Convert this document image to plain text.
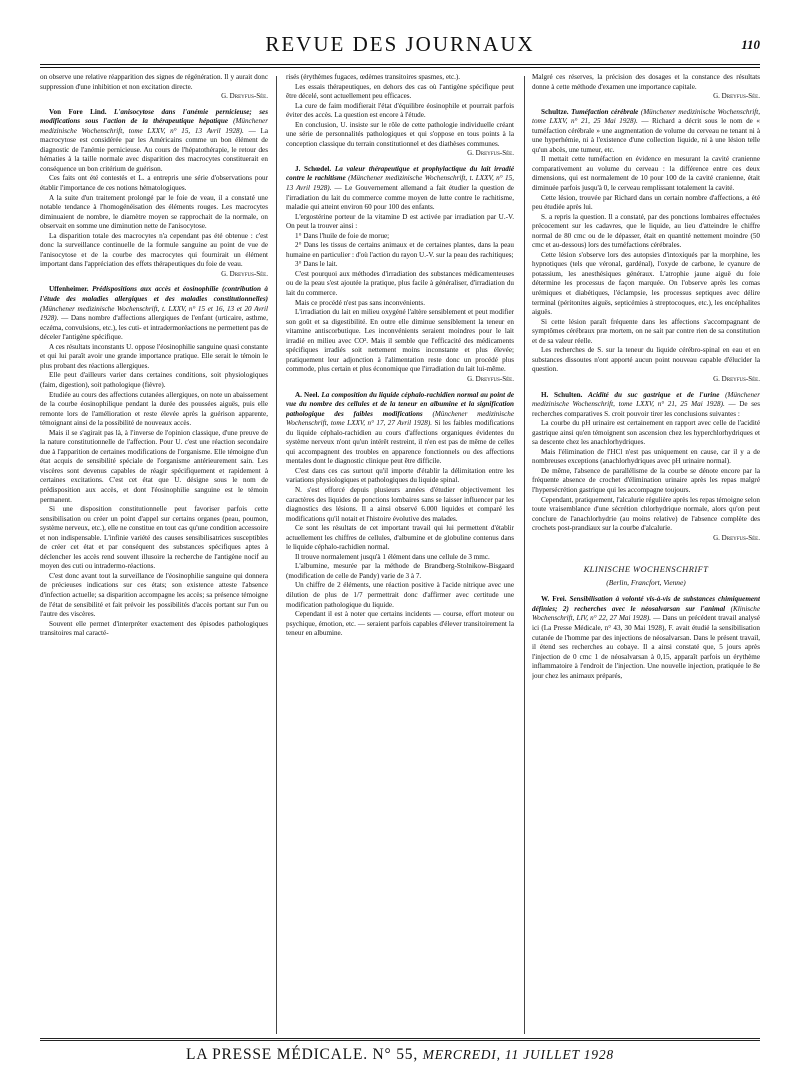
REVUE DES JOURNAUX	110

on observe une relative réapparition des signes de régénération. Il y aurait donc suppression d'une inhibition et non excitation directe.

G. Dreyfus-Sée.

Von Fore Lind. L'anisocytose dans l'anémie pernicieuse; ses modifications sous l'action de la thérapeutique hépatique (Münchener medizinische Wochenschrift, tome LXXV, n° 15, 13 Avril 1928). — La macrocytose est considérée par les Américains comme un bon élément de diagnostic de l'anémie pernicieuse. Au cours de l'hépatothérapie, le retour des hématies à la taille normale avec disparition des macrocytes constituerait en conséquence un bon critérium de guérison.

Ces faits ont été contestés et L. a entrepris une série d'observations pour établir l'importance de ces notions hématologiques.

A la suite d'un traitement prolongé par le foie de veau, il a constaté une notable tendance à l'homogénéisation des éléments rouges. Les macrocytes diminuaient de nombre, le diamètre moyen se rapprochait de la normale, on observait en somme une diminution nette de l'anisocytose.

La disparition totale des macrocytes n'a cependant pas été obtenue : c'est donc la surveillance continuelle de la formule sanguine au point de vue de l'anisocytose et de la courbe des macrocytes qui fournirait un élément important dans l'appréciation des effets thérapeutiques du foie de veau.

G. Dreyfus-Sée.

Uffenheimer. Prédispositions aux accès et éosinophilie (contribution à l'étude des maladies allergiques et des maladies constitutionnelles) (Münchener medizinische Wochenschrift, t. LXXV, n° 15 et 16, 13 et 20 Avril 1928). — Dans nombre d'affections allergiques de l'enfant (urticaire, asthme, eczéma, convulsions, etc.), les cuti- et intradermoréactions ne permettent pas de déceler l'antigène spécifique.

A ces résultats inconstants U. oppose l'éosinophilie sanguine quasi constante et qui lui paraît avoir une grande importance pratique. Elle serait le témoin le plus probant des réactions allergiques.

Elle peut d'ailleurs varier dans certaines conditions, soit physiologiques (faim, digestion), soit pathologique (fièvre).

Etudiée au cours des affections cutanées allergiques, on note un abaissement de la courbe éosinophilique pendant la durée des poussées aiguës, puis elle remonte lors de l'amélioration et reste élevée après la guérison apparente, témoignant ainsi de la possibilité de nouveaux accès.

Mais il se s'agirait pas là, à l'inverse de l'opinion classique, d'une preuve de la nature constitutionnelle de l'affection. Pour U. c'est une réaction secondaire due à l'apparition de certaines modifications de l'organisme. Elle témoigne d'un état acquis de sensibilité spéciale de l'organisme antérieurement sain. Les viscères sont devenus capables de réagir spécifiquement et rapidement à certaines excitations. C'est cet état que U. désigne sous le nom de prédisposition aux accès, et dont l'éosinophilie sanguine est le témoin permanent.

Si une disposition constitutionnelle peut favoriser parfois cette sensibilisation ou créer un point d'appel sur certains organes (peau, poumon, système nerveux, etc.), elle ne constitue en tout cas qu'une condition accessoire et non indispensable. L'infinie variété des causes sensibilisatrices susceptibles de créer cet état et par conséquent des substances spécifiques aptes à déclencher les accès rend souvent illusoire la recherche de l'antigène nocif au moyen des cuti ou intradermo-réactions.

C'est donc avant tout la surveillance de l'éosinophilie sanguine qui donnera de précieuses indications sur ces états; son existence atteste l'absence d'infection actuelle; sa disparition accompagne les accès; sa présence témoigne de l'état de sensibilité et fait prévoir les possibilités d'accès portant sur l'un ou l'autre des viscères.

Souvent elle permet d'interpréter exactement des épisodes pathologiques transitoires mal caracté-

risés (érythèmes fugaces, œdèmes transitoires spasmes, etc.).

Les essais thérapeutiques, en dehors des cas où l'antigène spécifique peut être décelé, sont actuellement peu efficaces.

La cure de faim modifierait l'état d'équilibre éosinophile et pourrait parfois éviter des accès. La question est encore à l'étude.

En conclusion, U. insiste sur le rôle de cette pathologie individuelle créant une série de personnalités pathologiques et qui s'oppose en tous points à la conception classique du terrain constitutionnel et des diathèses communes.

G. Dreyfus-Sée.

J. Schœdel. La valeur thérapeutique et prophylactique du lait irradié contre le rachitisme (Münchener medizinische Wochenschrift, t. LXXV, n° 15, 13 Avril 1928). — Le Gouvernement allemand a fait étudier la question de l'irradiation du lait du commerce comme moyen de lutte contre le rachitisme, maladie qui atteint environ 60 pour 100 des enfants.

L'ergostérine porteur de la vitamine D est activée par irradiation par U.-V. On peut la trouver ainsi :

1° Dans l'huile de foie de morue;

2° Dans les tissus de certains animaux et de certaines plantes, dans la peau humaine en particulier : d'où l'action du rayon U.-V. sur la peau des rachitiques;

3° Dans le lait.

C'est pourquoi aux méthodes d'irradiation des substances médicamenteuses ou de la peau s'est ajoutée la pratique, plus facile à généraliser, d'irradiation du lait du commerce.

Mais ce procédé n'est pas sans inconvénients.

L'irradiation du lait en milieu oxygéné l'altère sensiblement et peut modifier son goût et sa digestibilité. En outre elle diminue sensiblement la teneur en vitamine antiscorbutique. Les inconvénients seraient moindres pour le lait irradié en milieu avec CO². Mais il semble que l'efficacité des médicaments spécifiques irradiés soit nettement moins inconstante et plus élevée; pratiquement leur adjonction à l'alimentation reste donc un procédé plus commode, plus certain et plus économique que l'irradiation du lait lui-même.

G. Dreyfus-Sée.

A. Neel. La composition du liquide céphalo-rachidien normal au point de vue du nombre des cellules et de la teneur en albumine et la signification pathologique des faibles modifications (Münchener medizinische Wochenschrift, tome LXXV, n° 17, 27 Avril 1928). Si les faibles modifications du liquide céphalo-rachidien au cours d'affections organiques évidentes du système nerveux n'ont qu'un intérêt restreint, il n'en est pas de même de celles qui accompagnent des troubles en apparence fonctionnels ou des affections mentales dont le diagnostic clinique peut être difficile.

C'est dans ces cas surtout qu'il importe d'établir la délimitation entre les variations physiologiques et pathologiques du liquide spinal.

N. s'est efforcé depuis plusieurs années d'étudier objectivement les caractères des liquides de ponctions lombaires sans se laisser influencer par les diagnostics des lésions. Il a ainsi observé 6.000 liquides et comparé les modifications qu'il notait et l'histoire évolutive des malades.

Ce sont les résultats de cet important travail qui lui permettent d'établir actuellement les chiffres de cellules, d'albumine et de globuline contenus dans le liquide céphalo-rachidien normal.

Il trouve normalement jusqu'à 1 élément dans une cellule de 3 mmc.

L'albumine, mesurée par la méthode de Brandberg-Stolnikow-Bisgaard (modification de celle de Pandy) varie de 3 à 7.

Un chiffre de 2 éléments, une réaction positive à l'acide nitrique avec une dilution de plus de 1/7 permettrait donc d'affirmer avec certitude une modification pathologique du liquide.

Cependant il est à noter que certains incidents — course, effort moteur ou psychique, émotion, etc. — seraient parfois capables d'élever transitoirement la teneur en albumine.

Malgré ces réserves, la précision des dosages et la constance des résultats donne à cette méthode d'examen une importance capitale.

G. Dreyfus-Sée.

Schultze. Tuméfaction cérébrale (Münchener medizinische Wochenschrift, tome LXXV, n° 21, 25 Mai 1928). — Richard a décrit sous le nom de « tuméfaction cérébrale » une augmentation de volume du cerveau ne tenant ni à une hyperhémie, ni à l'existence d'une collection liquide, ni à une lésion telle qu'un abcès, une tumeur, etc.

Il mettait cette tuméfaction en évidence en mesurant la cavité cranienne comparativement au volume du cerveau : la différence entre ces deux dimensions, qui est normalement de 10 pour 100 de la cavité cranienne, était diminuée parfois jusqu'à 0, le cerveau remplissant totalement la cavité.

Cette lésion, trouvée par Richard dans un certain nombre d'affections, a été peu étudiée après lui.

S. a repris la question. Il a constaté, par des ponctions lombaires effectuées précocement sur les cadavres, que le liquide, au lieu d'atteindre le chiffre normal de 80 cmc ou de le dépasser, était en quantité nettement moindre (50 cmc et au-dessous) lors des tuméfactions cérébrales.

Cette lésion s'observe lors des autopsies d'intoxiqués par la morphine, les hypnotiques (tels que véronal, gardénal), l'oxyde de carbone, le cyanure de potassium, les anesthésiques généraux. L'atrophie jaune aiguë du foie détermine les processus de façon marquée. On l'observe après les comas urémiques et diabétiques, l'éclampsie, les processus septiques avec délire terminal (péritonites aiguës, septicémies à streptocoques, etc.), les encéphalites aiguës.

Si cette lésion paraît fréquente dans les affections s'accompagnant de symptômes cérébraux præ mortem, on ne sait par contre rien de sa constitution et de sa valeur réelle.

Les recherches de S. sur la teneur du liquide cérébro-spinal en eau et en substances dissoutes n'ont apporté aucun point nouveau capable d'élucider la question.

G. Dreyfus-Sée.

H. Schulten. Acidité du suc gastrique et de l'urine (Münchener medizinische Wochenschrift, tome LXXV, n° 21, 25 Mai 1928). — De ses recherches comparatives S. croit pouvoir tirer les conclusions suivantes :

La courbe du pH urinaire est certainement en rapport avec celle de l'acidité gastrique ainsi qu'en témoignent son ascension chez les hyperchlorhydriques et sa descente chez les anachlorhydriques.

Mais l'élimination de l'HCl n'est pas uniquement en cause, car il y a de nombreuses exceptions (anachlorhydriques avec pH urinaire normal).

De même, l'absence de parallélisme de la courbe se dénote encore par la fréquente absence de crochet d'élimination urinaire après les repas malgré l'hypersécrétion gastrique qui les accompagne toujours.

Cependant, pratiquement, l'alcalurie régulière après les repas témoigne selon toute vraisemblance d'une sécrétion chlorhydrique normale, alors qu'on peut conclure de l'anachlorhydrie (au moins relative) de l'absence complète des crochets post-prandiaux sur la courbe d'alcalurie.

G. Dreyfus-Sée.
KLINISCHE WOCHENSCHRIFT
(Berlin, Francfort, Vienne)

W. Frei. Sensibilisation à volonté vis-à-vis de substances chimiquement définies; 2) recherches avec le néosalvarsan sur l'animal (Klinische Wochenschrift, LIV, n° 22, 27 Mai 1928). — Dans un précédent travail analysé ici (La Presse Médicale, n° 43, 30 Mai 1928), F. avait étudié la sensibilisation cutanée de l'homme par des injections de néosalvarsan. Dans le présent travail, il étend ses recherches au cobaye. Il a ainsi constaté que, 5 jours après l'injection de 0 cmc 1 de néosalvarsan à 0,15, apparaît parfois un érythème inflammatoire à l'endroit de l'injection. Une nouvelle injection, pratiquée le 8e jour chez les animaux préparés,

LA PRESSE MÉDICALE. N° 55, MERCREDI, 11 JUILLET 1928
